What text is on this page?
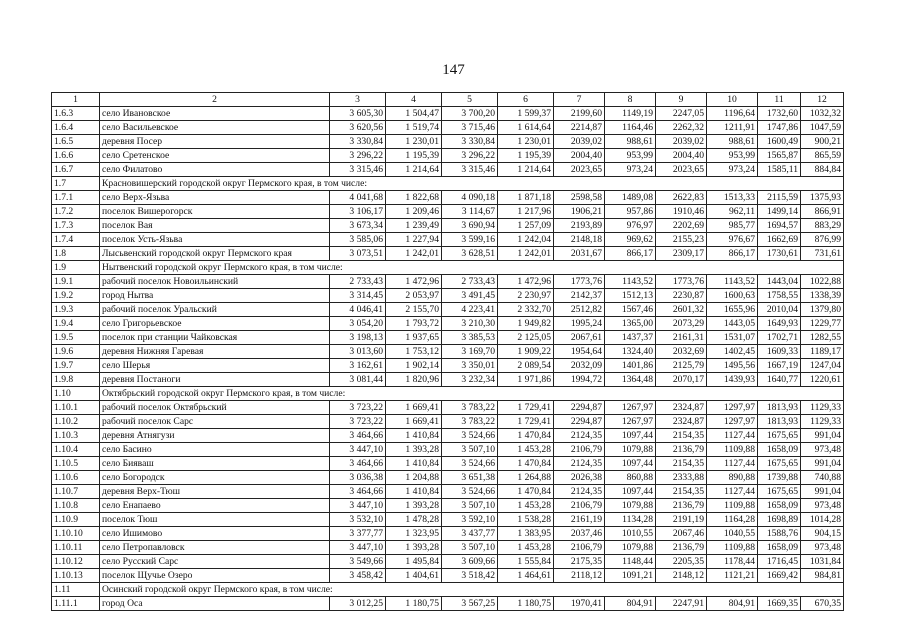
147
1	2	3	4	5	6	7	8	9	10	11	12
1.6.3	село Ивановское	3 605,30	1 504,47	3 700,20	1 599,37	2199,60	1149,19	2247,05	1196,64	1732,60	1032,32
1.6.4	село Васильевское	3 620,56	1 519,74	3 715,46	1 614,64	2214,87	1164,46	2262,32	1211,91	1747,86	1047,59
1.6.5	деревня Посер	3 330,84	1 230,01	3 330,84	1 230,01	2039,02	988,61	2039,02	988,61	1600,49	900,21
1.6.6	село Сретенское	3 296,22	1 195,39	3 296,22	1 195,39	2004,40	953,99	2004,40	953,99	1565,87	865,59
1.6.7	село Филатово	3 315,46	1 214,64	3 315,46	1 214,64	2023,65	973,24	2023,65	973,24	1585,11	884,84
1.7	Красновишерский городской округ Пермского края, в том числе:										
1.7.1	село Верх-Язьва	4 041,68	1 822,68	4 090,18	1 871,18	2598,58	1489,08	2622,83	1513,33	2115,59	1375,93
1.7.2	поселок Вишерогорск	3 106,17	1 209,46	3 114,67	1 217,96	1906,21	957,86	1910,46	962,11	1499,14	866,91
1.7.3	поселок Вая	3 673,34	1 239,49	3 690,94	1 257,09	2193,89	976,97	2202,69	985,77	1694,57	883,29
1.7.4	поселок Усть-Язьва	3 585,06	1 227,94	3 599,16	1 242,04	2148,18	969,62	2155,23	976,67	1662,69	876,99
1.8	Лысьвенский городской округ Пермского края	3 073,51	1 242,01	3 628,51	1 242,01	2031,67	866,17	2309,17	866,17	1730,61	731,61
1.9	Нытвенский городской округ Пермского края, в том числе:										
1.9.1	рабочий поселок Новоильинский	2 733,43	1 472,96	2 733,43	1 472,96	1773,76	1143,52	1773,76	1143,52	1443,04	1022,88
1.9.2	город Нытва	3 314,45	2 053,97	3 491,45	2 230,97	2142,37	1512,13	2230,87	1600,63	1758,55	1338,39
1.9.3	рабочий поселок Уральский	4 046,41	2 155,70	4 223,41	2 332,70	2512,82	1567,46	2601,32	1655,96	2010,04	1379,80
1.9.4	село Григорьевское	3 054,20	1 793,72	3 210,30	1 949,82	1995,24	1365,00	2073,29	1443,05	1649,93	1229,77
1.9.5	поселок при станции Чайковская	3 198,13	1 937,65	3 385,53	2 125,05	2067,61	1437,37	2161,31	1531,07	1702,71	1282,55
1.9.6	деревня Нижняя Гаревая	3 013,60	1 753,12	3 169,70	1 909,22	1954,64	1324,40	2032,69	1402,45	1609,33	1189,17
1.9.7	село Шерья	3 162,61	1 902,14	3 350,01	2 089,54	2032,09	1401,86	2125,79	1495,56	1667,19	1247,04
1.9.8	деревня Постаноги	3 081,44	1 820,96	3 232,34	1 971,86	1994,72	1364,48	2070,17	1439,93	1640,77	1220,61
1.10	Октябрьский городской округ Пермского края, в том числе:										
1.10.1	рабочий поселок Октябрьский	3 723,22	1 669,41	3 783,22	1 729,41	2294,87	1267,97	2324,87	1297,97	1813,93	1129,33
1.10.2	рабочий поселок Сарс	3 723,22	1 669,41	3 783,22	1 729,41	2294,87	1267,97	2324,87	1297,97	1813,93	1129,33
1.10.3	деревня Атнягузи	3 464,66	1 410,84	3 524,66	1 470,84	2124,35	1097,44	2154,35	1127,44	1675,65	991,04
1.10.4	село Басино	3 447,10	1 393,28	3 507,10	1 453,28	2106,79	1079,88	2136,79	1109,88	1658,09	973,48
1.10.5	село Бияваш	3 464,66	1 410,84	3 524,66	1 470,84	2124,35	1097,44	2154,35	1127,44	1675,65	991,04
1.10.6	село Богородск	3 036,38	1 204,88	3 651,38	1 264,88	2026,38	860,88	2333,88	890,88	1739,88	740,88
1.10.7	деревня Верх-Тюш	3 464,66	1 410,84	3 524,66	1 470,84	2124,35	1097,44	2154,35	1127,44	1675,65	991,04
1.10.8	село Енапаево	3 447,10	1 393,28	3 507,10	1 453,28	2106,79	1079,88	2136,79	1109,88	1658,09	973,48
1.10.9	поселок Тюш	3 532,10	1 478,28	3 592,10	1 538,28	2161,19	1134,28	2191,19	1164,28	1698,89	1014,28
1.10.10	село Ишимово	3 377,77	1 323,95	3 437,77	1 383,95	2037,46	1010,55	2067,46	1040,55	1588,76	904,15
1.10.11	село Петропавловск	3 447,10	1 393,28	3 507,10	1 453,28	2106,79	1079,88	2136,79	1109,88	1658,09	973,48
1.10.12	село Русский Сарс	3 549,66	1 495,84	3 609,66	1 555,84	2175,35	1148,44	2205,35	1178,44	1716,45	1031,84
1.10.13	поселок Щучье Озеро	3 458,42	1 404,61	3 518,42	1 464,61	2118,12	1091,21	2148,12	1121,21	1669,42	984,81
1.11	Осинский городской округ Пермского края, в том числе:										
1.11.1	город Оса	3 012,25	1 180,75	3 567,25	1 180,75	1970,41	804,91	2247,91	804,91	1669,35	670,35
